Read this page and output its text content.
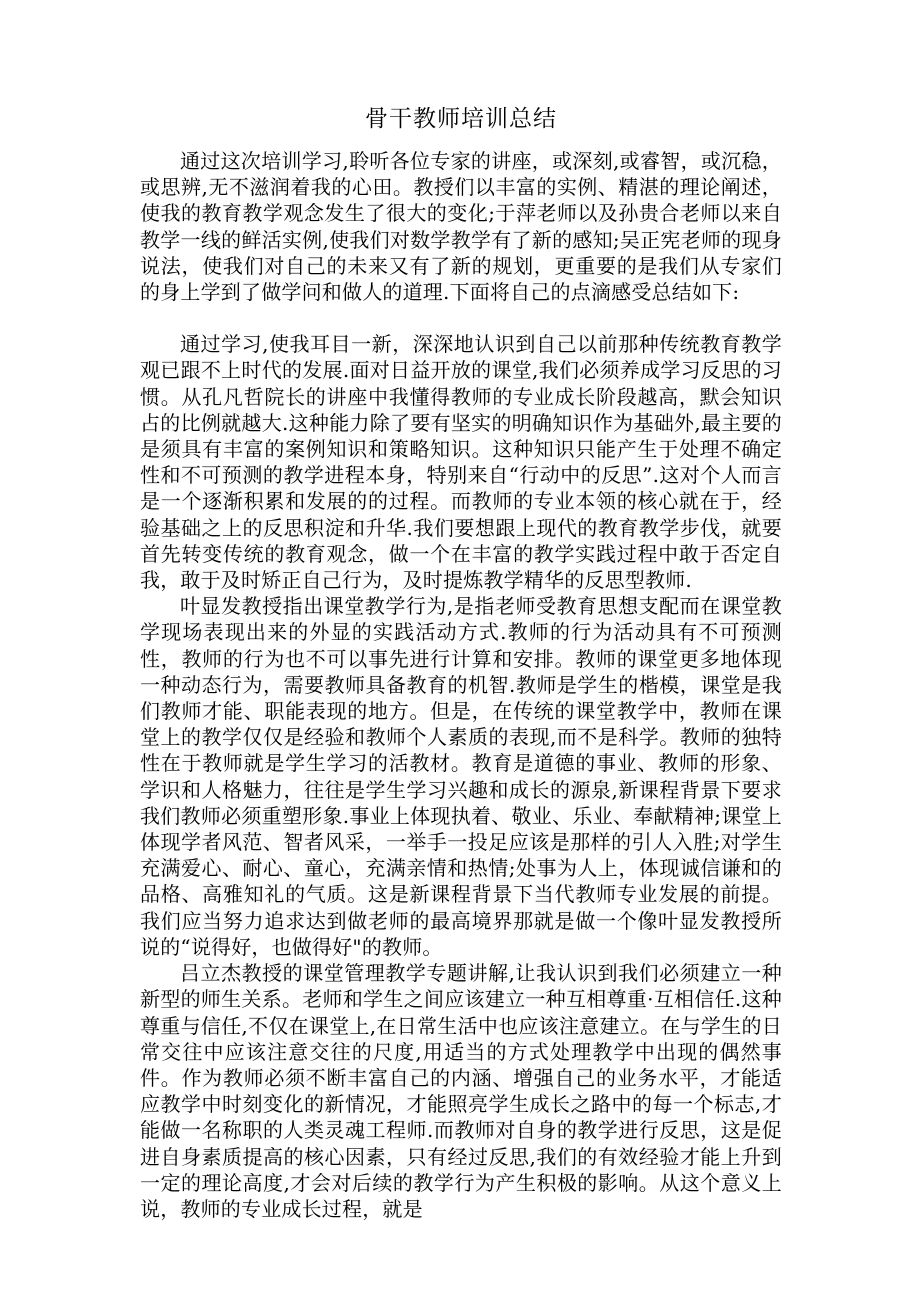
骨干教师培训总结

通过这次培训学习,聆听各位专家的讲座，或深刻,或睿智，或沉稳，或思辨,无不滋润着我的心田。教授们以丰富的实例、精湛的理论阐述，使我的教育教学观念发生了很大的变化;于萍老师以及孙贵合老师以来自教学一线的鲜活实例,使我们对数学教学有了新的感知;吴正宪老师的现身说法，使我们对自己的未来又有了新的规划，更重要的是我们从专家们的身上学到了做学问和做人的道理.下面将自己的点滴感受总结如下:

通过学习,使我耳目一新，深深地认识到自己以前那种传统教育教学观已跟不上时代的发展.面对日益开放的课堂,我们必须养成学习反思的习惯。从孔凡哲院长的讲座中我懂得教师的专业成长阶段越高，默会知识占的比例就越大.这种能力除了要有坚实的明确知识作为基础外,最主要的是须具有丰富的案例知识和策略知识。这种知识只能产生于处理不确定性和不可预测的教学进程本身，特别来自“行动中的反思”.这对个人而言是一个逐渐积累和发展的的过程。而教师的专业本领的核心就在于，经验基础之上的反思积淀和升华.我们要想跟上现代的教育教学步伐，就要首先转变传统的教育观念，做一个在丰富的教学实践过程中敢于否定自我，敢于及时矫正自己行为，及时提炼教学精华的反思型教师.

叶显发教授指出课堂教学行为,是指老师受教育思想支配而在课堂教学现场表现出来的外显的实践活动方式.教师的行为活动具有不可预测性，教师的行为也不可以事先进行计算和安排。教师的课堂更多地体现一种动态行为，需要教师具备教育的机智.教师是学生的楷模，课堂是我们教师才能、职能表现的地方。但是，在传统的课堂教学中，教师在课堂上的教学仅仅是经验和教师个人素质的表现,而不是科学。教师的独特性在于教师就是学生学习的活教材。教育是道德的事业、教师的形象、学识和人格魅力，往往是学生学习兴趣和成长的源泉,新课程背景下要求我们教师必须重塑形象.事业上体现执着、敬业、乐业、奉献精神;课堂上体现学者风范、智者风采，一举手一投足应该是那样的引人入胜;对学生充满爱心、耐心、童心，充满亲情和热情;处事为人上，体现诚信谦和的品格、高雅知礼的气质。这是新课程背景下当代教师专业发展的前提。我们应当努力追求达到做老师的最高境界那就是做一个像叶显发教授所说的“说得好，也做得好"的教师。

吕立杰教授的课堂管理教学专题讲解,让我认识到我们必须建立一种新型的师生关系。老师和学生之间应该建立一种互相尊重·互相信任.这种尊重与信任,不仅在课堂上,在日常生活中也应该注意建立。在与学生的日常交往中应该注意交往的尺度,用适当的方式处理教学中出现的偶然事件。作为教师必须不断丰富自己的内涵、增强自己的业务水平，才能适应教学中时刻变化的新情况，才能照亮学生成长之路中的每一个标志,才能做一名称职的人类灵魂工程师.而教师对自身的教学进行反思，这是促进自身素质提高的核心因素，只有经过反思,我们的有效经验才能上升到一定的理论高度,才会对后续的教学行为产生积极的影响。从这个意义上说，教师的专业成长过程，就是
